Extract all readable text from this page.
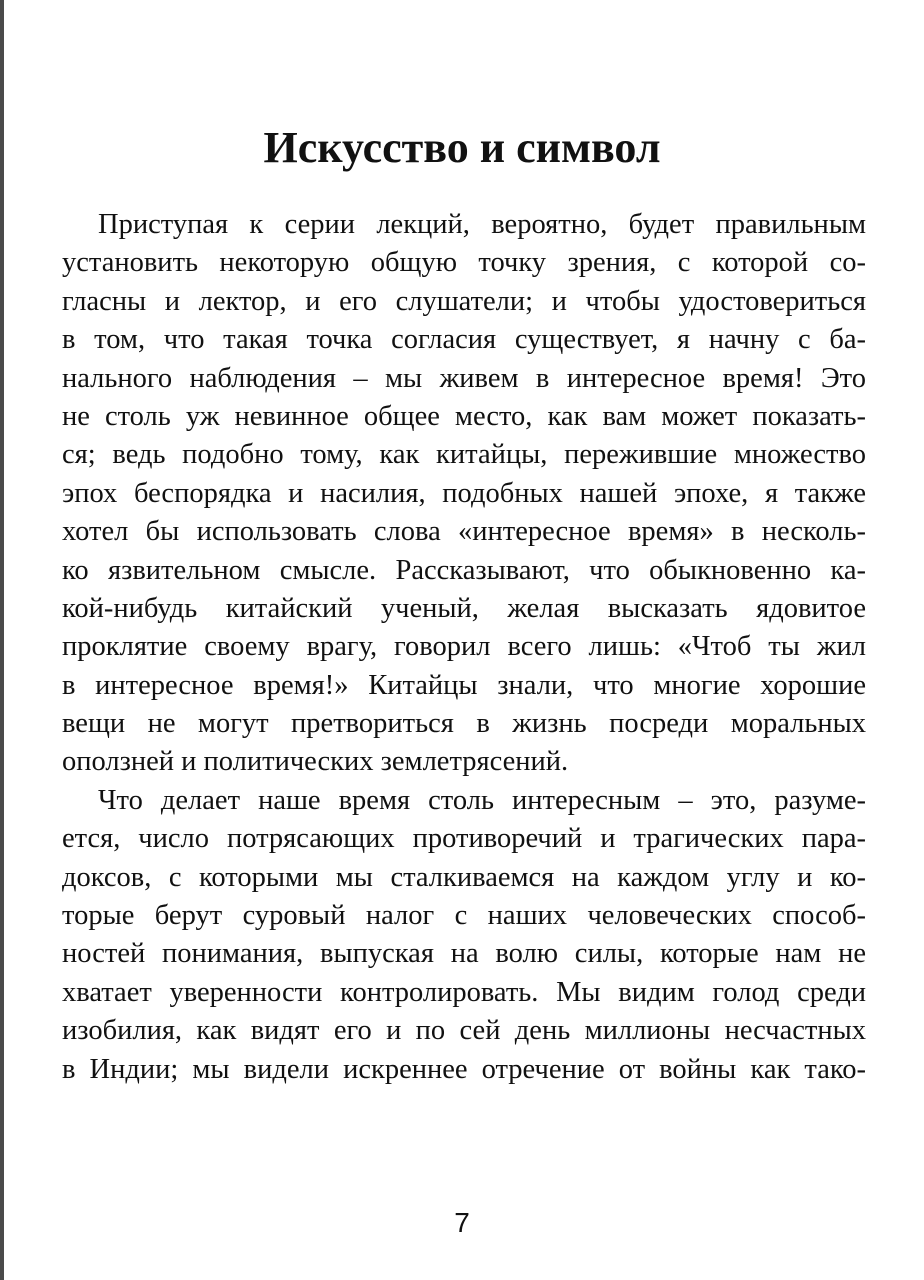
Искусство и символ
Приступая к серии лекций, вероятно, будет правильным
установить некоторую общую точку зрения, с которой со-
гласны и лектор, и его слушатели; и чтобы удостовериться
в том, что такая точка согласия существует, я начну с ба-
нального наблюдения – мы живем в интересное время! Это
не столь уж невинное общее место, как вам может показать-
ся; ведь подобно тому, как китайцы, пережившие множество
эпох беспорядка и насилия, подобных нашей эпохе, я также
хотел бы использовать слова «интересное время» в несколь-
ко язвительном смысле. Рассказывают, что обыкновенно ка-
кой-нибудь китайский ученый, желая высказать ядовитое
проклятие своему врагу, говорил всего лишь: «Чтоб ты жил
в интересное время!» Китайцы знали, что многие хорошие
вещи не могут претвориться в жизнь посреди моральных
оползней и политических землетрясений.
Что делает наше время столь интересным – это, разуме-
ется, число потрясающих противоречий и трагических пара-
доксов, с которыми мы сталкиваемся на каждом углу и ко-
торые берут суровый налог с наших человеческих способ-
ностей понимания, выпуская на волю силы, которые нам не
хватает уверенности контролировать. Мы видим голод среди
изобилия, как видят его и по сей день миллионы несчастных
в Индии; мы видели искреннее отречение от войны как тако-
7
